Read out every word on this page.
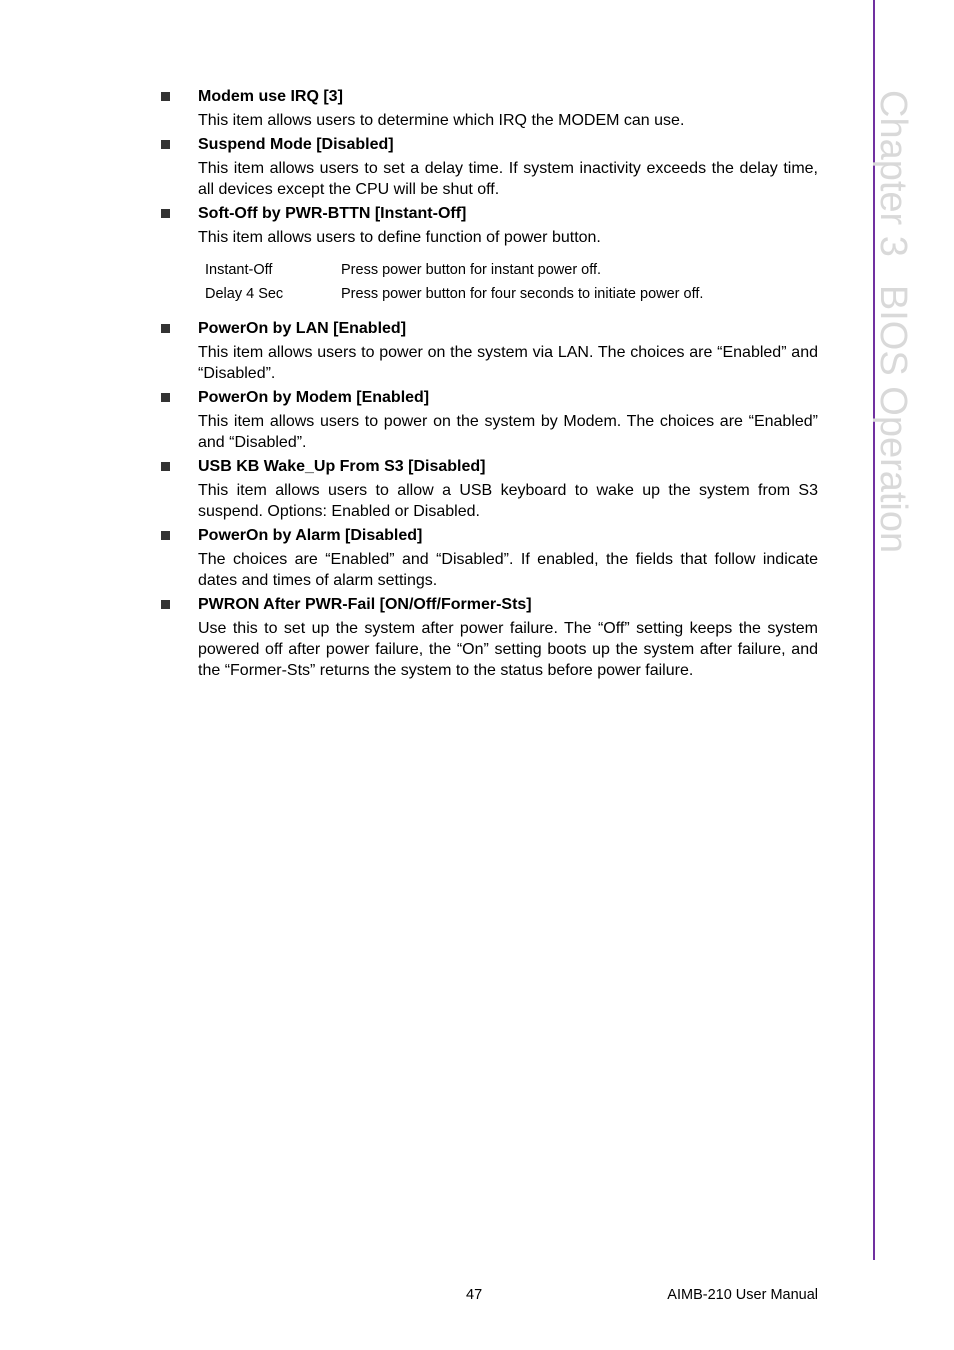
Chapter 3BIOS Operation
Modem use IRQ [3]
This item allows users to determine which IRQ the MODEM can use.
Suspend Mode [Disabled]
This item allows users to set a delay time. If system inactivity exceeds the delay time, all devices except the CPU will be shut off.
Soft-Off by PWR-BTTN [Instant-Off]
This item allows users to define function of power button.
Instant-Off	Press power button for instant power off.
Delay 4 Sec	Press power button for four seconds to initiate power off.
PowerOn by LAN [Enabled]
This item allows users to power on the system via LAN. The choices are “Enabled” and “Disabled”.
PowerOn by Modem [Enabled]
This item allows users to power on the system by Modem. The choices are “Enabled” and “Disabled”.
USB KB Wake_Up From S3 [Disabled]
This item allows users to allow a USB keyboard to wake up the system from S3 suspend. Options: Enabled or Disabled.
PowerOn by Alarm [Disabled]
The choices are “Enabled” and “Disabled”. If enabled, the fields that follow indicate dates and times of alarm settings.
PWRON After PWR-Fail [ON/Off/Former-Sts]
Use this to set up the system after power failure. The “Off” setting keeps the system powered off after power failure, the “On” setting boots up the system after failure, and the “Former-Sts” returns the system to the status before power failure.
47	AIMB-210 User Manual
